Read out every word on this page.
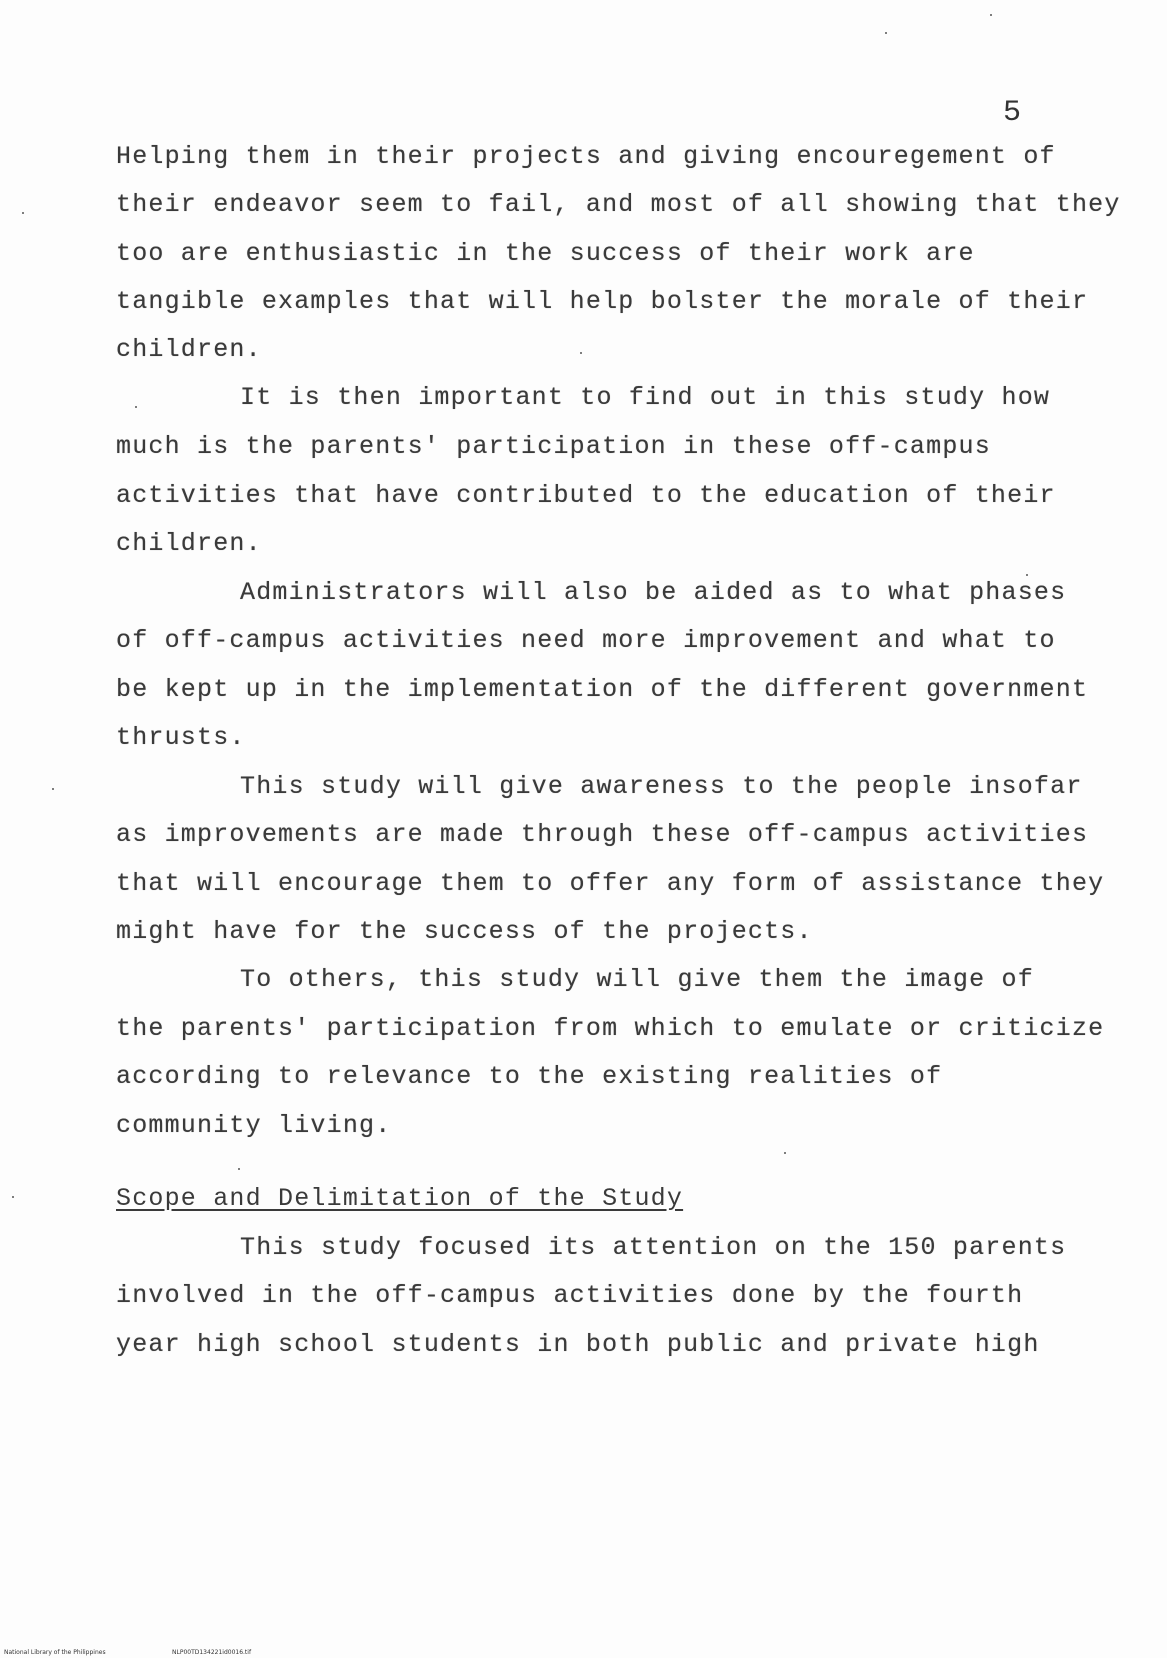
5
Helping them in their projects and giving encouregement of
their endeavor seem to fail, and most of all showing that they
too are enthusiastic in the success of their work are
tangible examples that will help bolster the morale of their
children.
It is then important to find out in this study how
much is the parents' participation in these off-campus
activities that have contributed to the education of their
children.
Administrators will also be aided as to what phases
of off-campus activities need more improvement and what to
be kept up in the implementation of the different government
thrusts.
This study will give awareness to the people insofar
as improvements are made through these off-campus activities
that will encourage them to offer any form of assistance they
might have for the success of the projects.
To others, this study will give them the image of
the parents' participation from which to emulate or criticize
according to relevance to the existing realities of
community living.
Scope and Delimitation of the Study
This study focused its attention on the 150 parents
involved in the off-campus activities done by the fourth
year high school students in both public and private high
National Library of the Philippines	NLP00TD134221id0016.tif
